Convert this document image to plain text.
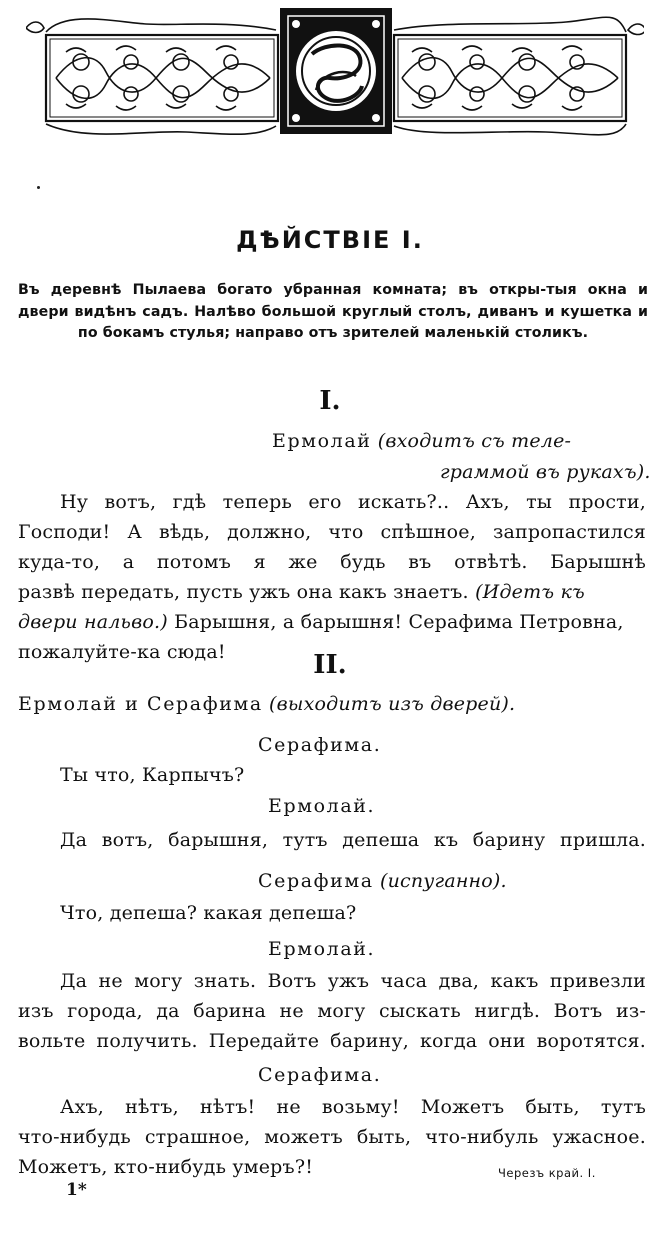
ДѢЙСТВIЕ I.
Въ деревнѣ Пылаева богато убранная комната; въ откры-тыя окна и двери видѣнъ садъ. Налѣво большой круглый столъ, диванъ и кушетка и по бокамъ стулья; направо отъ зрителей маленькiй столикъ.
I.
Ермолай (входитъ съ теле-
граммой въ рукахъ).
Ну вотъ, гдѣ теперь его искать?.. Ахъ, ты прости,
Господи! А вѣдь, должно, что спѣшное, запропастился
куда-то, а потомъ я же будь въ отвѣтѣ. Барышнѣ
развѣ передать, пусть ужъ она какъ знаетъ. (Идетъ къ
двери нальво.) Барышня, а барышня! Серафима Петровна,
пожалуйте-ка сюда!	II.
Ермолай и Серафима (выходитъ изъ дверей).
Серафима.
Ты что, Карпычъ?
Ермолай.
Да вотъ, барышня, тутъ депеша къ барину пришла.
Серафима (испуганно).
Что, депеша? какая депеша?
Ермолай.
Да не могу знать. Вотъ ужъ часа два, какъ привезли
изъ города, да барина не могу сыскать нигдѣ. Вотъ из-
вольте получить. Передайте барину, когда они воротятся.
Серафима.
Ахъ, нѣтъ, нѣтъ! не возьму! Можетъ быть, тутъ
что-нибудь страшное, можетъ быть, что-нибуль ужасное.
Можетъ, кто-нибудь умеръ?!	Черезъ край. I.
1*
